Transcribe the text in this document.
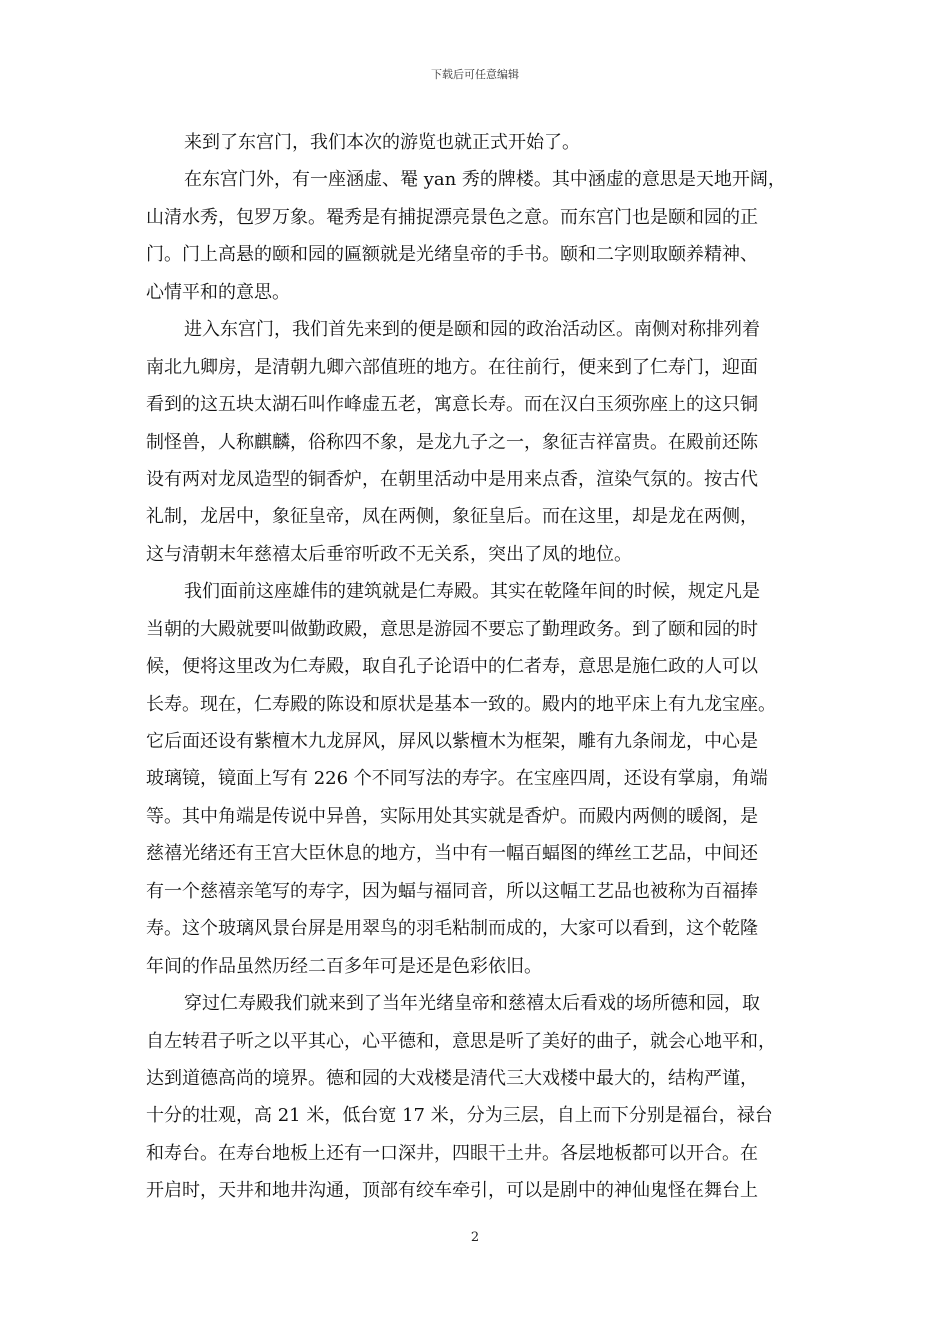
下载后可任意编辑
来到了东宫门，我们本次的游览也就正式开始了。
在东宫门外，有一座涵虚、罨 yan 秀的牌楼。其中涵虚的意思是天地开阔，
山清水秀，包罗万象。罨秀是有捕捉漂亮景色之意。而东宫门也是颐和园的正
门。门上高悬的颐和园的匾额就是光绪皇帝的手书。颐和二字则取颐养精神、
心情平和的意思。
进入东宫门，我们首先来到的便是颐和园的政治活动区。南侧对称排列着
南北九卿房，是清朝九卿六部值班的地方。在往前行，便来到了仁寿门，迎面
看到的这五块太湖石叫作峰虚五老，寓意长寿。而在汉白玉须弥座上的这只铜
制怪兽，人称麒麟，俗称四不象，是龙九子之一，象征吉祥富贵。在殿前还陈
设有两对龙凤造型的铜香炉，在朝里活动中是用来点香，渲染气氛的。按古代
礼制，龙居中，象征皇帝，凤在两侧，象征皇后。而在这里，却是龙在两侧，
这与清朝末年慈禧太后垂帘听政不无关系，突出了凤的地位。
我们面前这座雄伟的建筑就是仁寿殿。其实在乾隆年间的时候，规定凡是
当朝的大殿就要叫做勤政殿，意思是游园不要忘了勤理政务。到了颐和园的时
候，便将这里改为仁寿殿，取自孔子论语中的仁者寿，意思是施仁政的人可以
长寿。现在，仁寿殿的陈设和原状是基本一致的。殿内的地平床上有九龙宝座。
它后面还设有紫檀木九龙屏风，屏风以紫檀木为框架，雕有九条闹龙，中心是
玻璃镜，镜面上写有 226 个不同写法的寿字。在宝座四周，还设有掌扇，角端
等。其中角端是传说中异兽，实际用处其实就是香炉。而殿内两侧的暖阁，是
慈禧光绪还有王宫大臣休息的地方，当中有一幅百蝠图的缂丝工艺品，中间还
有一个慈禧亲笔写的寿字，因为蝠与福同音，所以这幅工艺品也被称为百福捧
寿。这个玻璃风景台屏是用翠鸟的羽毛粘制而成的，大家可以看到，这个乾隆
年间的作品虽然历经二百多年可是还是色彩依旧。
穿过仁寿殿我们就来到了当年光绪皇帝和慈禧太后看戏的场所德和园，取
自左转君子听之以平其心，心平德和，意思是听了美好的曲子，就会心地平和，
达到道德高尚的境界。德和园的大戏楼是清代三大戏楼中最大的，结构严谨，
十分的壮观，高 21 米，低台宽 17 米，分为三层，自上而下分别是福台，禄台
和寿台。在寿台地板上还有一口深井，四眼干土井。各层地板都可以开合。在
开启时，天井和地井沟通，顶部有绞车牵引，可以是剧中的神仙鬼怪在舞台上
2
